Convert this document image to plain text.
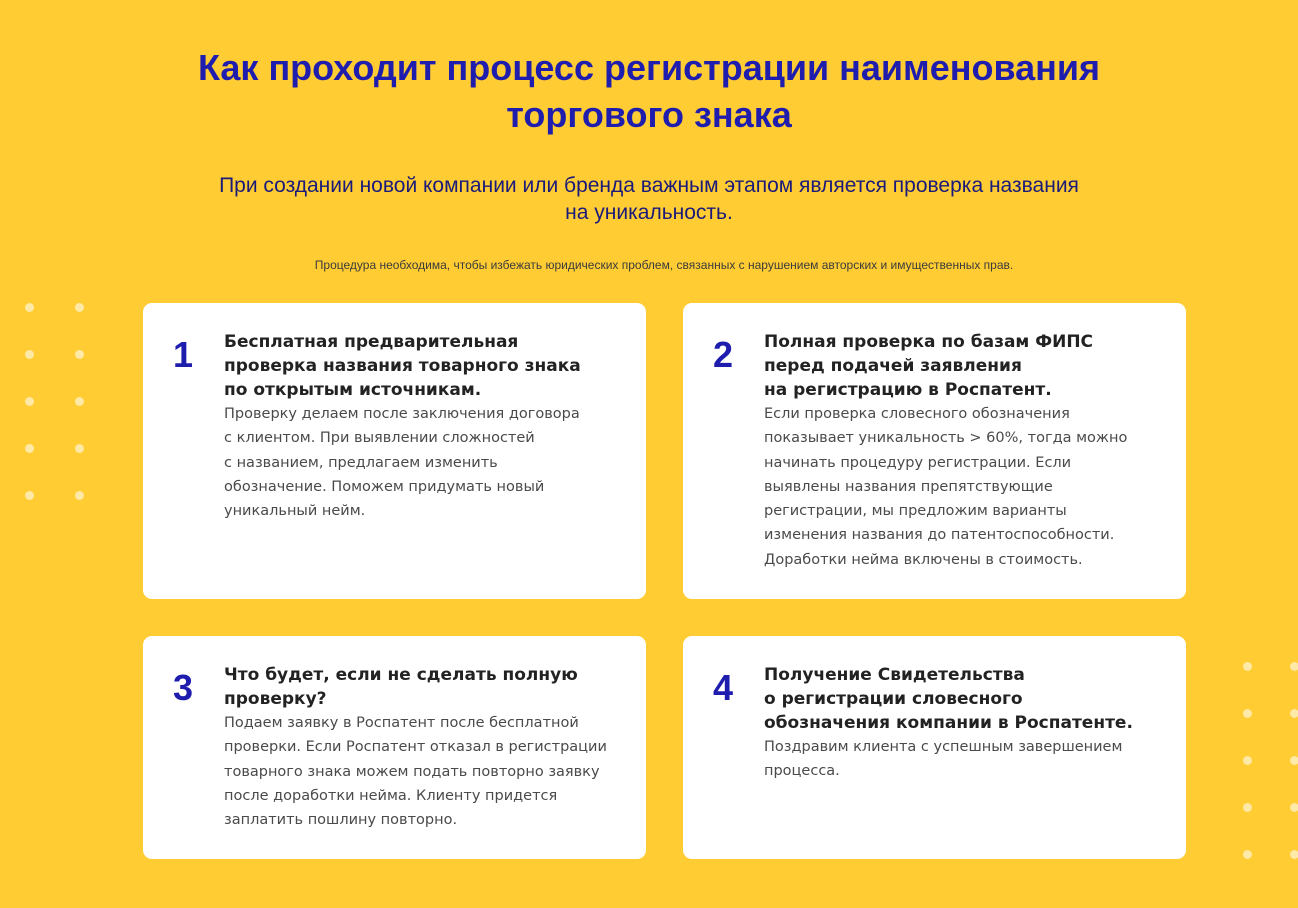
Как проходит процесс регистрации наименования
торгового знака

При создании новой компании или бренда важным этапом является проверка названия
на уникальность.

Процедура необходима, чтобы избежать юридических проблем, связанных с нарушением авторских и имущественных прав.

1 Бесплатная предварительная
проверка названия товарного знака
по открытым источникам.

Проверку делаем после заключения договора
с клиентом. При выявлении сложностей
с названием, предлагаем изменить
обозначение. Поможем придумать новый
уникальный нейм.

2 Полная проверка по базам ФИПС
перед подачей заявления
на регистрацию в Роспатент.

Если проверка словесного обозначения
показывает уникальность > 60%, тогда можно
начинать процедуру регистрации. Если
выявлены названия препятствующие
регистрации, мы предложим варианты
изменения названия до патентоспособности.
Доработки нейма включены в стоимость.

3 Что будет, если не сделать полную
проверку?

Подаем заявку в Роспатент после бесплатной
проверки. Если Роспатент отказал в регистрации
товарного знака можем подать повторно заявку
после доработки нейма. Клиенту придется
заплатить пошлину повторно.

4 Получение Свидетельства
о регистрации словесного
обозначения компании в Роспатенте.

Поздравим клиента с успешным завершением
процесса.
